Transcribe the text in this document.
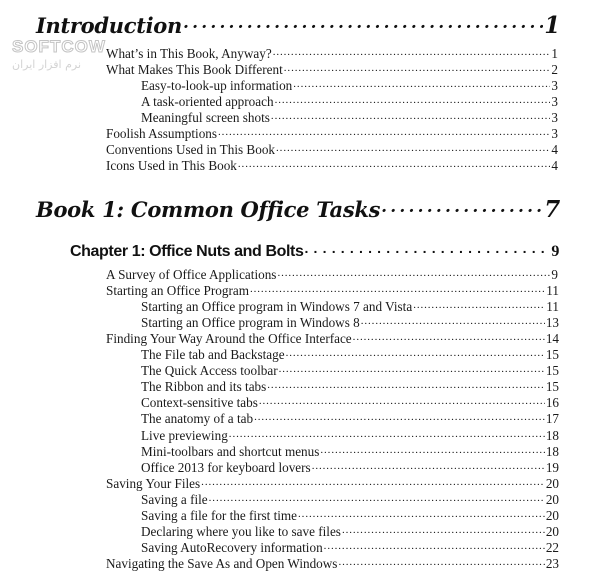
SOFTCOW
نرم افزار ایران
Introduction .....	1
What’s in This Book, Anyway? .....	1
What Makes This Book Different .....	2
Easy-to-look-up information .....	3
A task-oriented approach .....	3
Meaningful screen shots .....	3
Foolish Assumptions .....	3
Conventions Used in This Book .....	4
Icons Used in This Book .....	4
Book 1: Common Office Tasks .....	7
Chapter 1: Office Nuts and Bolts .....	9
A Survey of Office Applications .....	9
Starting an Office Program .....	11
Starting an Office program in Windows 7 and Vista .....	11
Starting an Office program in Windows 8 .....	13
Finding Your Way Around the Office Interface .....	14
The File tab and Backstage .....	15
The Quick Access toolbar .....	15
The Ribbon and its tabs .....	15
Context-sensitive tabs .....	16
The anatomy of a tab .....	17
Live previewing .....	18
Mini-toolbars and shortcut menus .....	18
Office 2013 for keyboard lovers .....	19
Saving Your Files .....	20
Saving a file .....	20
Saving a file for the first time .....	20
Declaring where you like to save files .....	20
Saving AutoRecovery information .....	22
Navigating the Save As and Open Windows .....	23
